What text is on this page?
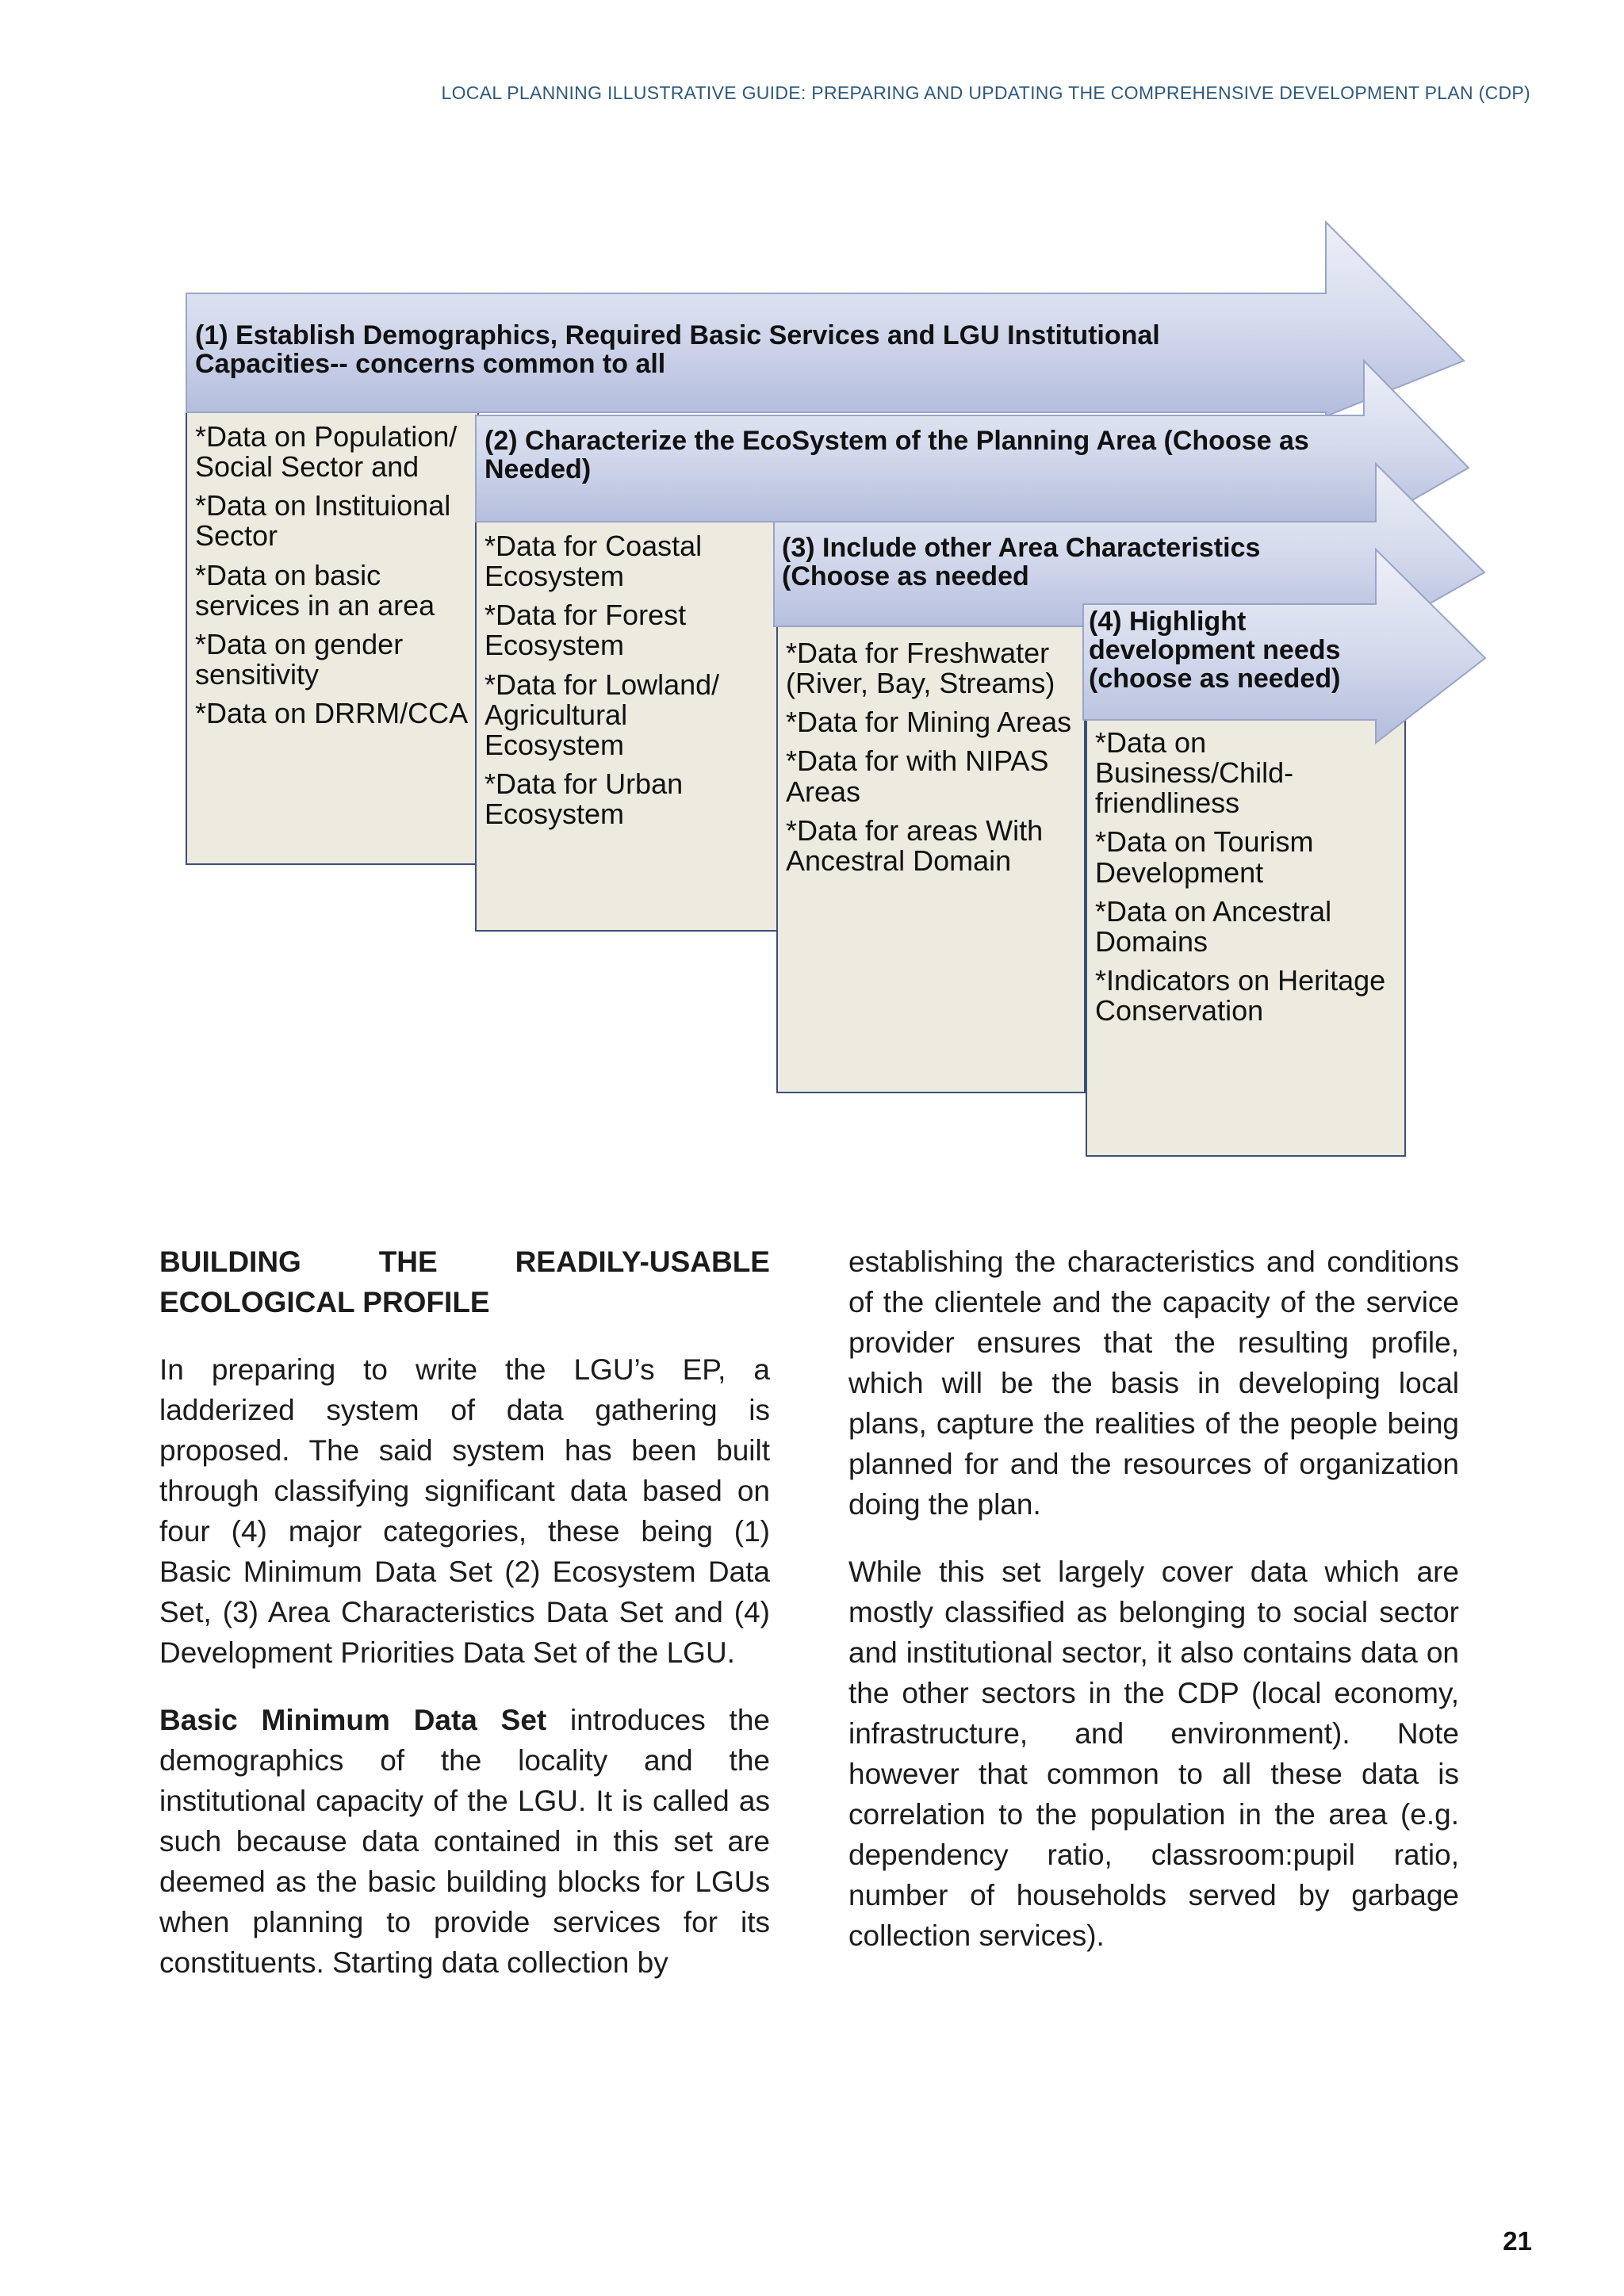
LOCAL PLANNING ILLUSTRATIVE GUIDE: PREPARING AND UPDATING THE COMPREHENSIVE DEVELOPMENT PLAN (CDP)
(1) Establish Demographics, Required Basic Services and LGU Institutional Capacities-- concerns common to all
(2) Characterize the EcoSystem of the Planning Area (Choose as Needed)
(3) Include other Area Characteristics (Choose as needed
(4) Highlight development needs (choose as needed)
*Data on Population/ Social Sector and
*Data on Instituional Sector
*Data on basic services in an area
*Data on gender sensitivity
*Data on DRRM/CCA
*Data for Coastal Ecosystem
*Data for Forest Ecosystem
*Data for Lowland/ Agricultural Ecosystem
*Data for Urban Ecosystem
*Data for Freshwater (River, Bay, Streams)
*Data for Mining Areas
*Data for with NIPAS Areas
*Data for areas With Ancestral Domain
*Data on Business/Child-friendliness
*Data on Tourism Development
*Data on Ancestral Domains
*Indicators on Heritage Conservation

BUILDING THE READILY-USABLE ECOLOGICAL PROFILE

In preparing to write the LGU’s EP, a ladderized system of data gathering is proposed. The said system has been built through classifying significant data based on four (4) major categories, these being (1) Basic Minimum Data Set (2) Ecosystem Data Set, (3) Area Characteristics Data Set and (4) Development Priorities Data Set of the LGU.

Basic Minimum Data Set introduces the demographics of the locality and the institutional capacity of the LGU. It is called as such because data contained in this set are deemed as the basic building blocks for LGUs when planning to provide services for its constituents. Starting data collection by

establishing the characteristics and conditions of the clientele and the capacity of the service provider ensures that the resulting profile, which will be the basis in developing local plans, capture the realities of the people being planned for and the resources of organization doing the plan.

While this set largely cover data which are mostly classified as belonging to social sector and institutional sector, it also contains data on the other sectors in the CDP (local economy, infrastructure, and environment). Note however that common to all these data is correlation to the population in the area (e.g. dependency ratio, classroom:pupil ratio, number of households served by garbage collection services).

21
